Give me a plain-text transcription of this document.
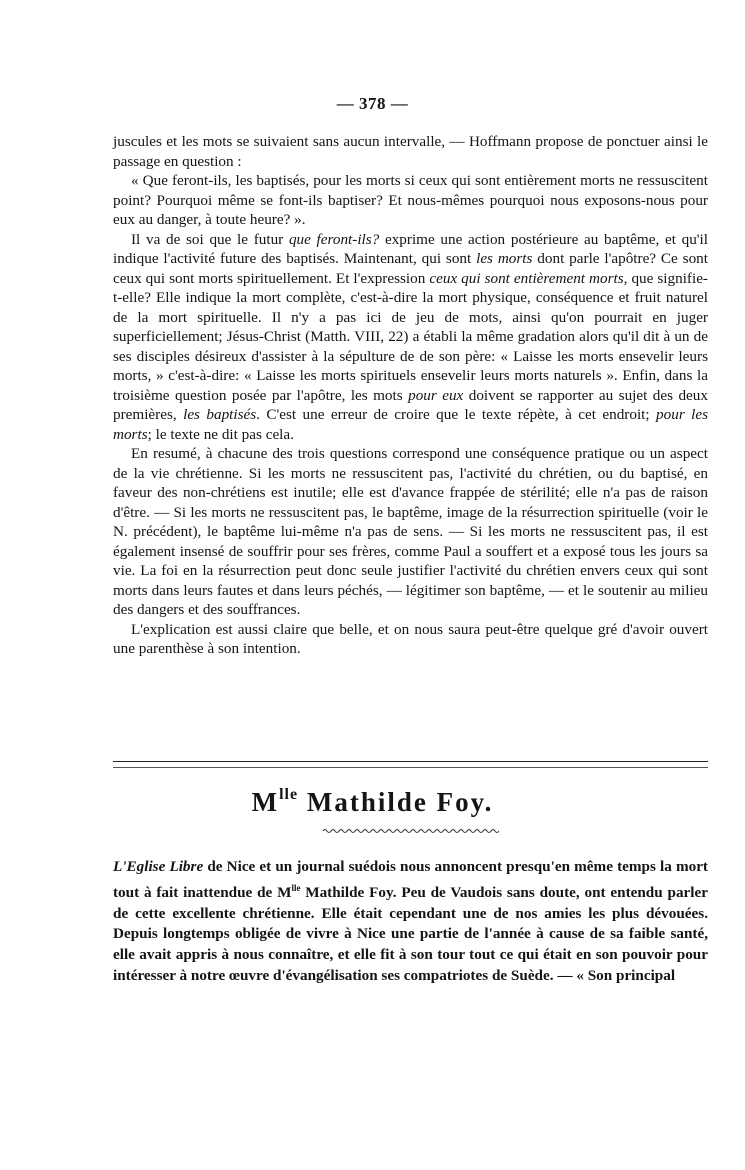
— 378 —

juscules et les mots se suivaient sans aucun intervalle, — Hoffmann propose de ponctuer ainsi le passage en question :

« Que feront-ils, les baptisés, pour les morts si ceux qui sont entièrement morts ne ressuscitent point? Pourquoi même se font-ils baptiser? Et nous-mêmes pourquoi nous exposons-nous pour eux au danger, à toute heure? ».

Il va de soi que le futur que feront-ils? exprime une action postérieure au baptême, et qu'il indique l'activité future des baptisés. Maintenant, qui sont les morts dont parle l'apôtre? Ce sont ceux qui sont morts spirituellement. Et l'expression ceux qui sont entièrement morts, que signifie-t-elle? Elle indique la mort complète, c'est-à-dire la mort physique, conséquence et fruit naturel de la mort spirituelle. Il n'y a pas ici de jeu de mots, ainsi qu'on pourrait en juger superficiellement; Jésus-Christ (Matth. VIII, 22) a établi la même gradation alors qu'il dit à un de ses disciples désireux d'assister à la sépulture de de son père: « Laisse les morts ensevelir leurs morts, » c'est-à-dire: « Laisse les morts spirituels ensevelir leurs morts naturels ». Enfin, dans la troisième question posée par l'apôtre, les mots pour eux doivent se rapporter au sujet des deux premières, les baptisés. C'est une erreur de croire que le texte répète, à cet endroit; pour les morts; le texte ne dit pas cela.

En resumé, à chacune des trois questions correspond une conséquence pratique ou un aspect de la vie chrétienne. Si les morts ne ressuscitent pas, l'activité du chrétien, ou du baptisé, en faveur des non-chrétiens est inutile; elle est d'avance frappée de stérilité; elle n'a pas de raison d'être. — Si les morts ne ressuscitent pas, le baptême, image de la résurrection spirituelle (voir le N. précédent), le baptême lui-même n'a pas de sens. — Si les morts ne ressuscitent pas, il est également insensé de souffrir pour ses frères, comme Paul a souffert et a exposé tous les jours sa vie. La foi en la résurrection peut donc seule justifier l'activité du chrétien envers ceux qui sont morts dans leurs fautes et dans leurs péchés, — légitimer son baptême, — et le soutenir au milieu des dangers et des souffrances.

L'explication est aussi claire que belle, et on nous saura peut-être quelque gré d'avoir ouvert une parenthèse à son intention.

$M^{lle}$ Mathilde Foy.

L'Eglise Libre de Nice et un journal suédois nous annoncent presqu'en même temps la mort tout à fait inattendue de $M^{lle}$ Mathilde Foy. Peu de Vaudois sans doute, ont entendu parler de cette excellente chrétienne. Elle était cependant une de nos amies les plus dévouées. Depuis longtemps obligée de vivre à Nice une partie de l'année à cause de sa faible santé, elle avait appris à nous connaître, et elle fit à son tour tout ce qui était en son pouvoir pour intéresser à notre œuvre d'évangélisation ses compatriotes de Suède. — « Son principal
